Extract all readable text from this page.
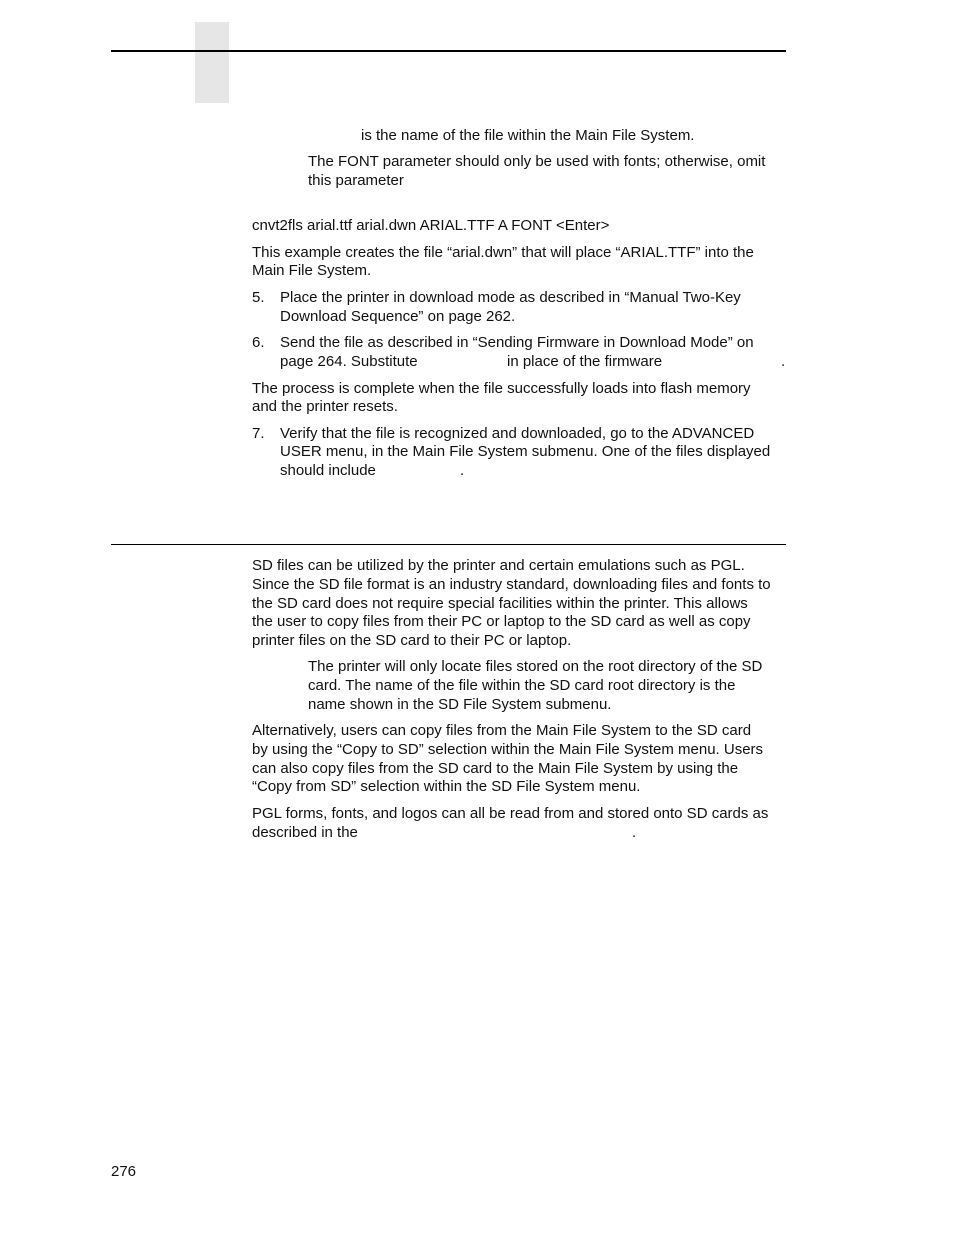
is the name of the file within the Main File System.

The FONT parameter should only be used with fonts; otherwise, omit

this parameter

cnvt2fls arial.ttf arial.dwn ARIAL.TTF A FONT <Enter>

This example creates the file “arial.dwn” that will place “ARIAL.TTF” into the

Main File System.

5. Place the printer in download mode as described in “Manual Two-Key

Download Sequence” on page 262.

6. Send the file as described in “Sending Firmware in Download Mode” on

page 264. Substitute	in place of the firmware	.

The process is complete when the file successfully loads into flash memory

and the printer resets.

7. Verify that the file is recognized and downloaded, go to the ADVANCED

USER menu, in the Main File System submenu. One of the files displayed

should include	.

SD files can be utilized by the printer and certain emulations such as PGL.

Since the SD file format is an industry standard, downloading files and fonts to

the SD card does not require special facilities within the printer. This allows

the user to copy files from their PC or laptop to the SD card as well as copy

printer files on the SD card to their PC or laptop.

The printer will only locate files stored on the root directory of the SD

card. The name of the file within the SD card root directory is the

name shown in the SD File System submenu.

Alternatively, users can copy files from the Main File System to the SD card

by using the “Copy to SD” selection within the Main File System menu. Users

can also copy files from the SD card to the Main File System by using the

“Copy from SD” selection within the SD File System menu.

PGL forms, fonts, and logos can all be read from and stored onto SD cards as

described in the	.

276
